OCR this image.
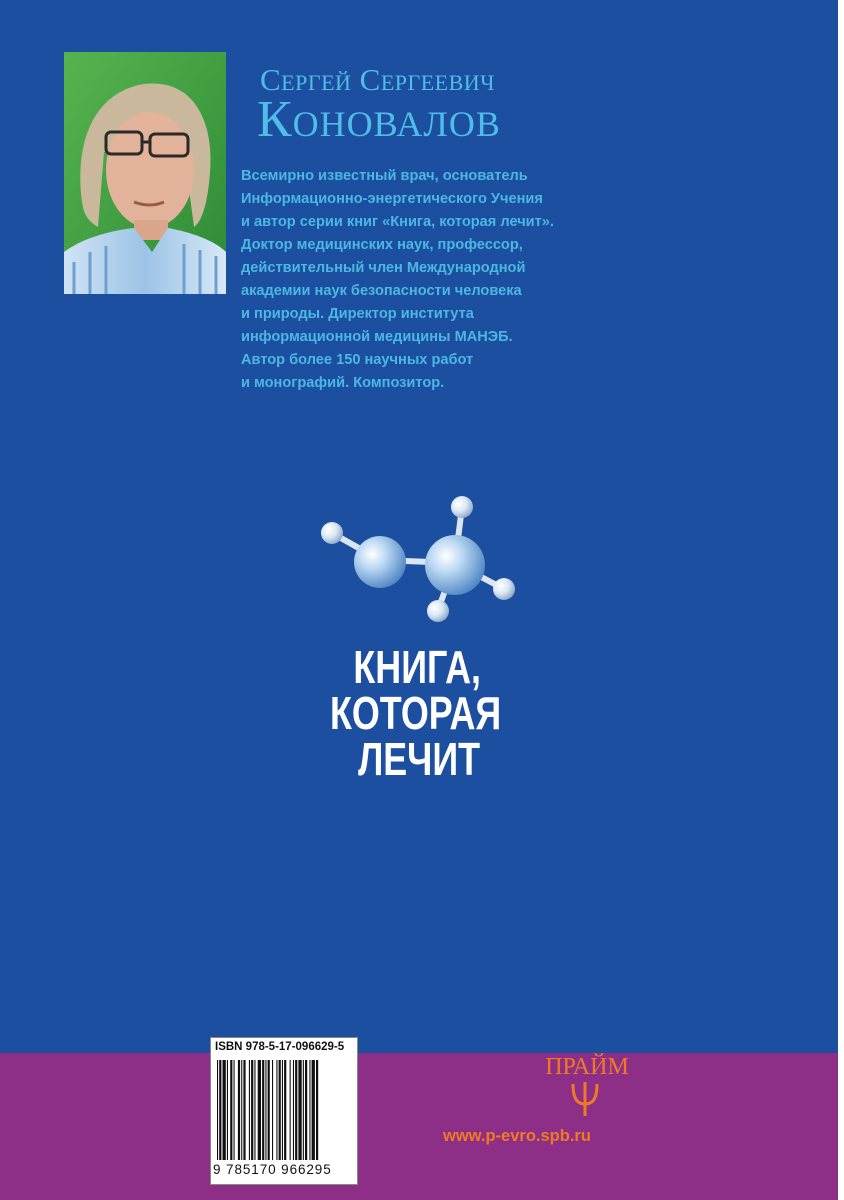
Сергей Сергеевич
Коновалов
Всемирно известный врач, основатель
Информационно-энергетического Учения
и автор серии книг «Книга, которая лечит».
Доктор медицинских наук, профессор,
действительный член Международной
академии наук безопасности человека
и природы. Директор института
информационной медицины МАНЭБ.
Автор более 150 научных работ
и монографий. Композитор.
КНИГА,
КОТОРАЯ
ЛЕЧИТ
ISBN 978-5-17-096629-5
9 785170 966295
ПРАЙМ
www.p-evro.spb.ru
